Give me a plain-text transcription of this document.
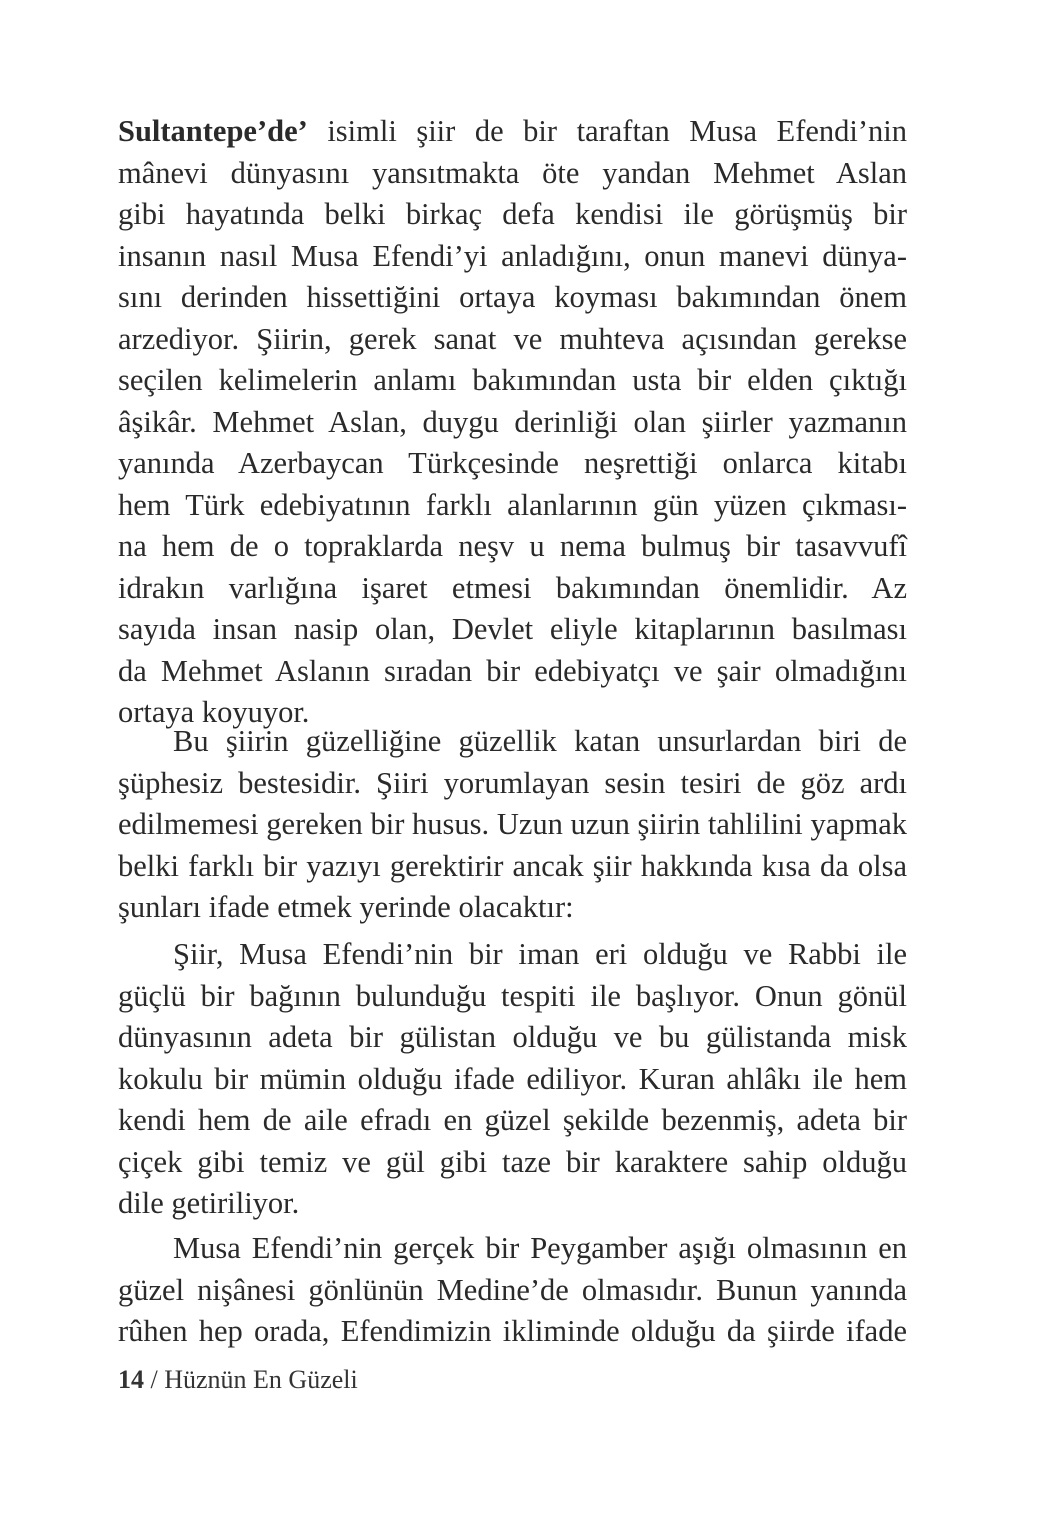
Sultantepe’de’ isimli şiir de bir taraftan Musa Efendi’nin
mânevi dünyasını yansıtmakta öte yandan Mehmet Aslan
gibi hayatında belki birkaç defa kendisi ile görüşmüş bir
insanın nasıl Musa Efendi’yi anladığını, onun manevi dünya-
sını derinden hissettiğini ortaya koyması bakımından önem
arzediyor. Şiirin, gerek sanat ve muhteva açısından gerekse
seçilen kelimelerin anlamı bakımından usta bir elden çıktığı
âşikâr. Mehmet Aslan, duygu derinliği olan şiirler yazmanın
yanında Azerbaycan Türkçesinde neşrettiği onlarca kitabı
hem Türk edebiyatının farklı alanlarının gün yüzen çıkması-
na hem de o topraklarda neşv u nema bulmuş bir tasavvufî
idrakın varlığına işaret etmesi bakımından önemlidir. Az
sayıda insan nasip olan, Devlet eliyle kitaplarının basılması
da Mehmet Aslanın sıradan bir edebiyatçı ve şair olmadığını
ortaya koyuyor.
Bu şiirin güzelliğine güzellik katan unsurlardan biri de
şüphesiz bestesidir. Şiiri yorumlayan sesin tesiri de göz ardı
edilmemesi gereken bir husus. Uzun uzun şiirin tahlilini yapmak
belki farklı bir yazıyı gerektirir ancak şiir hakkında kısa da olsa
şunları ifade etmek yerinde olacaktır:
Şiir, Musa Efendi’nin bir iman eri olduğu ve Rabbi ile
güçlü bir bağının bulunduğu tespiti ile başlıyor. Onun gönül
dünyasının adeta bir gülistan olduğu ve bu gülistanda misk
kokulu bir mümin olduğu ifade ediliyor. Kuran ahlâkı ile hem
kendi hem de aile efradı en güzel şekilde bezenmiş, adeta bir
çiçek gibi temiz ve gül gibi taze bir karaktere sahip olduğu
dile getiriliyor.
Musa Efendi’nin gerçek bir Peygamber aşığı olmasının en
güzel nişânesi gönlünün Medine’de olmasıdır. Bunun yanında
rûhen hep orada, Efendimizin ikliminde olduğu da şiirde ifade
14 / Hüznün En Güzeli
